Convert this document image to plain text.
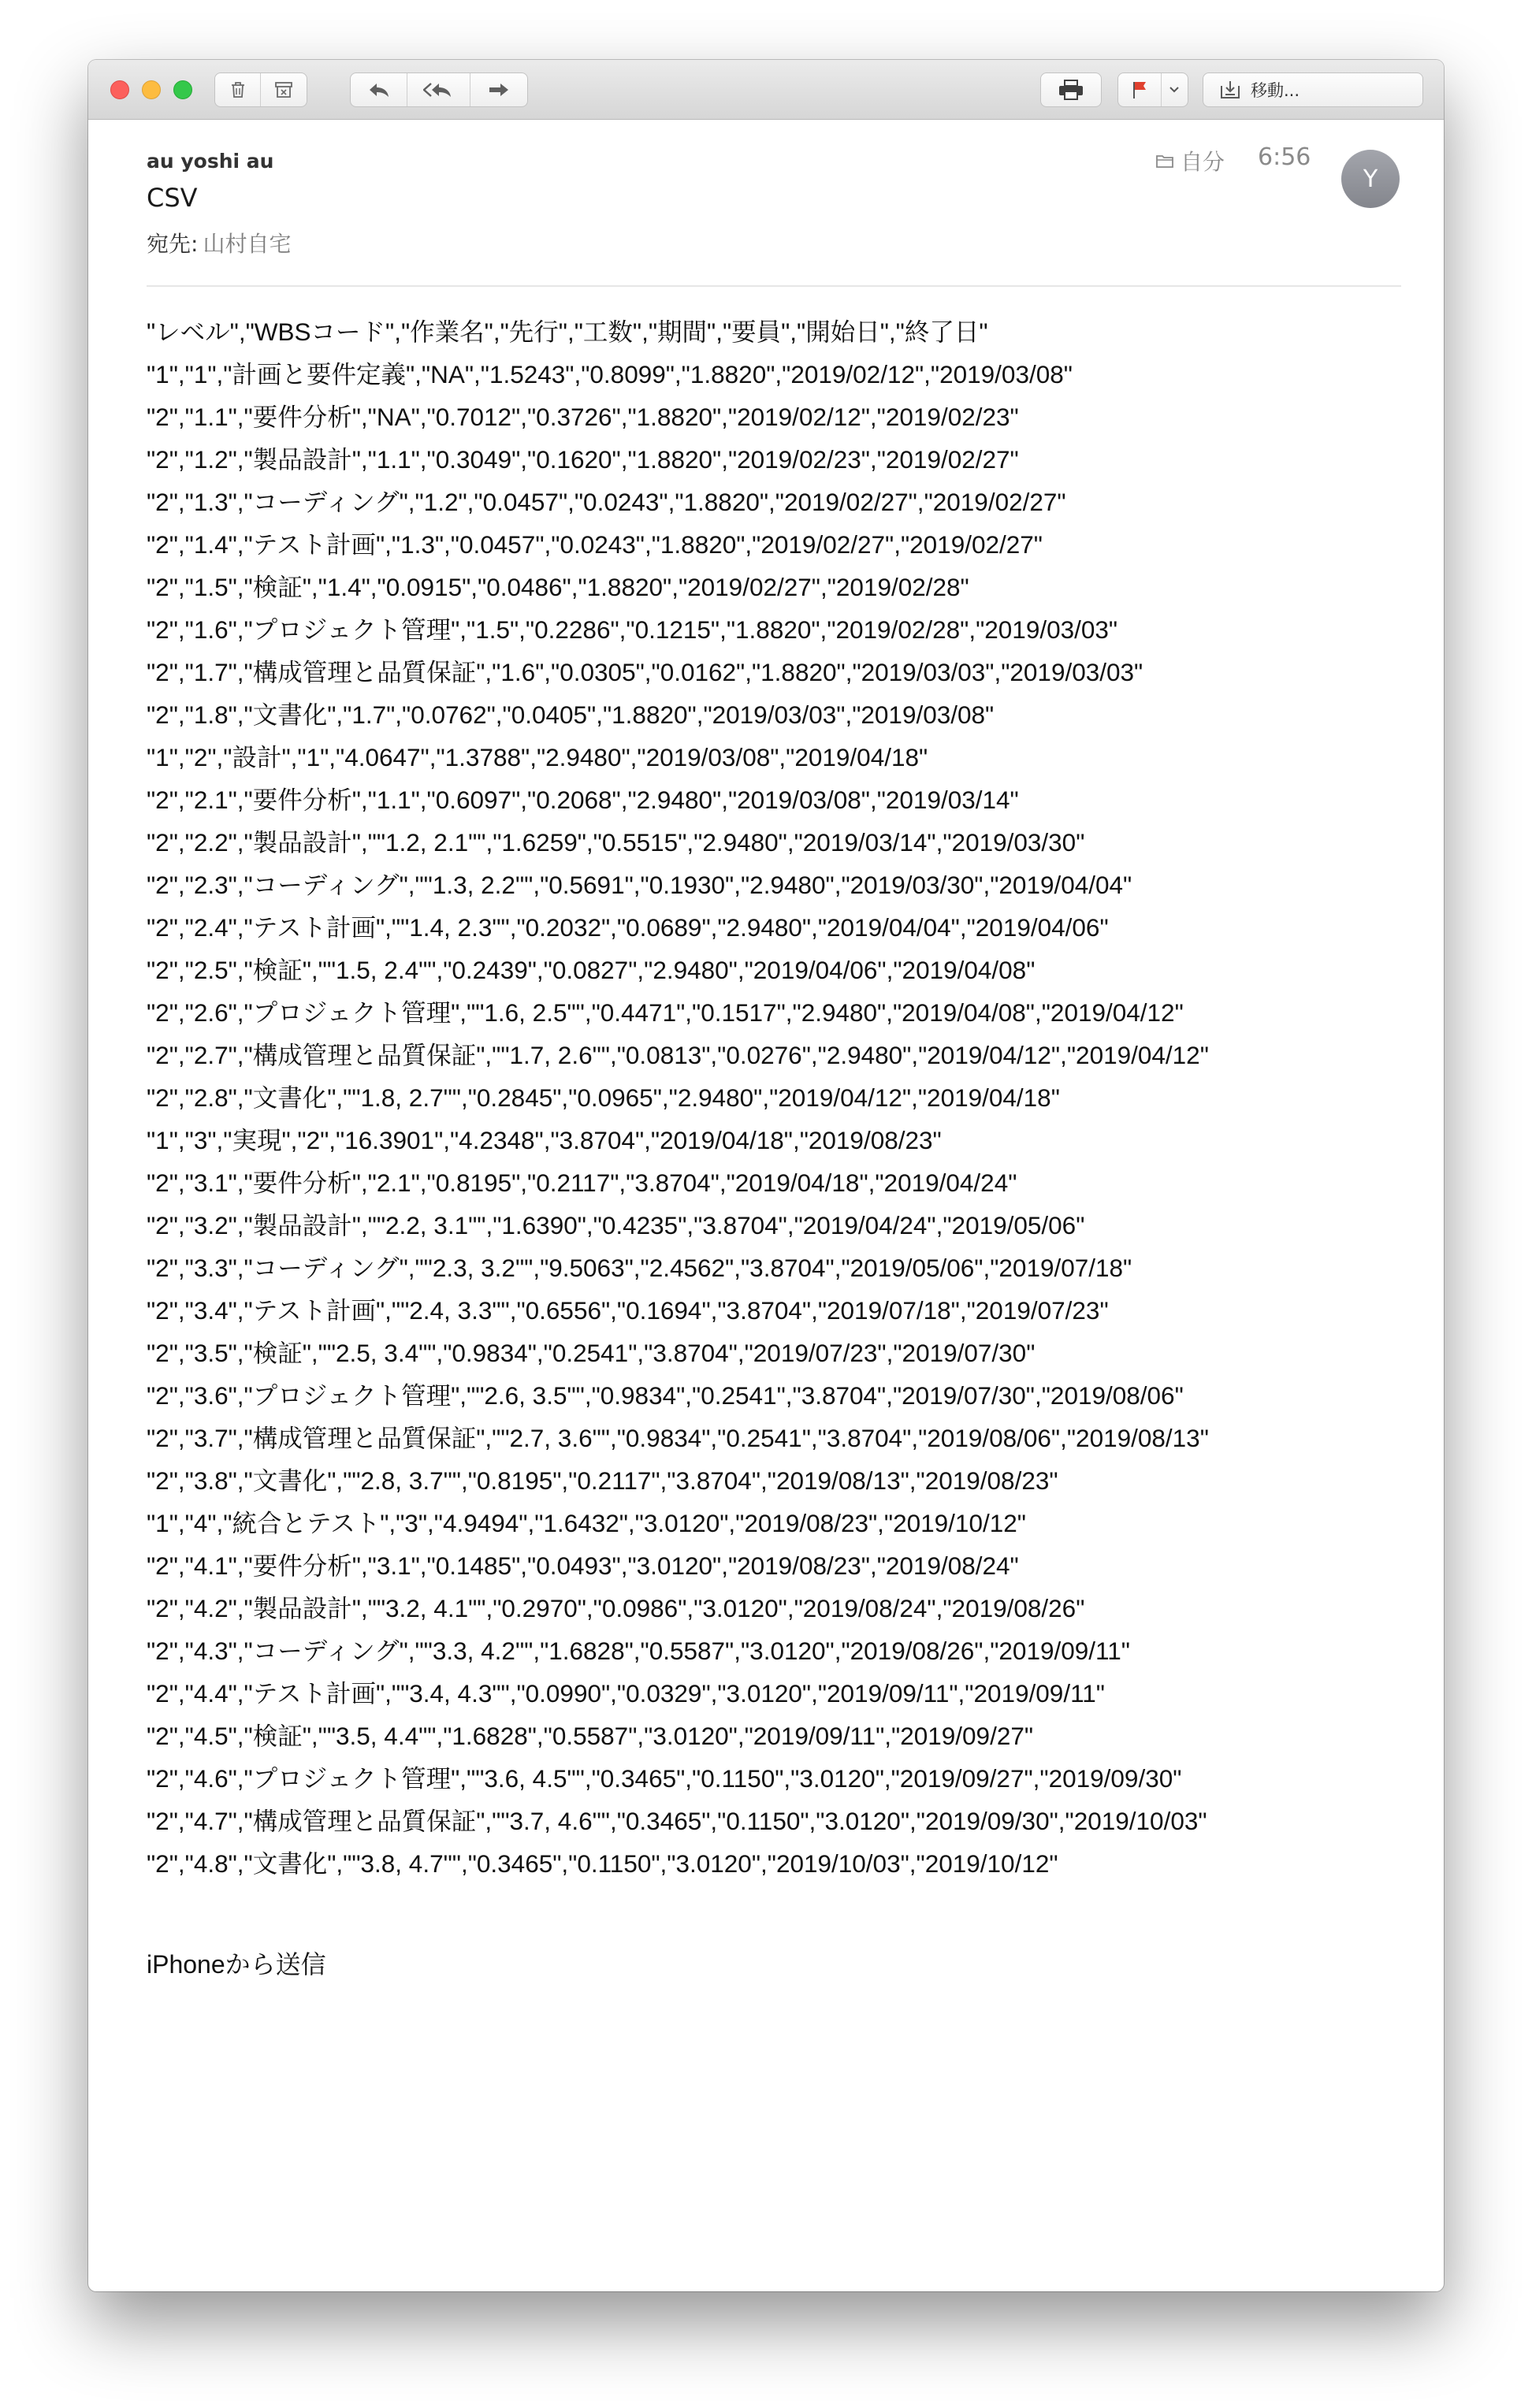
移動...
au yoshi au
CSV
宛先: 山村自宅
自分 6:56
Y
"レベル","WBSコード","作業名","先行","工数","期間","要員","開始日","終了日"
"1","1","計画と要件定義","NA","1.5243","0.8099","1.8820","2019/02/12","2019/03/08"
"2","1.1","要件分析","NA","0.7012","0.3726","1.8820","2019/02/12","2019/02/23"
"2","1.2","製品設計","1.1","0.3049","0.1620","1.8820","2019/02/23","2019/02/27"
"2","1.3","コーディング","1.2","0.0457","0.0243","1.8820","2019/02/27","2019/02/27"
"2","1.4","テスト計画","1.3","0.0457","0.0243","1.8820","2019/02/27","2019/02/27"
"2","1.5","検証","1.4","0.0915","0.0486","1.8820","2019/02/27","2019/02/28"
"2","1.6","プロジェクト管理","1.5","0.2286","0.1215","1.8820","2019/02/28","2019/03/03"
"2","1.7","構成管理と品質保証","1.6","0.0305","0.0162","1.8820","2019/03/03","2019/03/03"
"2","1.8","文書化","1.7","0.0762","0.0405","1.8820","2019/03/03","2019/03/08"
"1","2","設計","1","4.0647","1.3788","2.9480","2019/03/08","2019/04/18"
"2","2.1","要件分析","1.1","0.6097","0.2068","2.9480","2019/03/08","2019/03/14"
"2","2.2","製品設計",""1.2, 2.1"","1.6259","0.5515","2.9480","2019/03/14","2019/03/30"
"2","2.3","コーディング",""1.3, 2.2"","0.5691","0.1930","2.9480","2019/03/30","2019/04/04"
"2","2.4","テスト計画",""1.4, 2.3"","0.2032","0.0689","2.9480","2019/04/04","2019/04/06"
"2","2.5","検証",""1.5, 2.4"","0.2439","0.0827","2.9480","2019/04/06","2019/04/08"
"2","2.6","プロジェクト管理",""1.6, 2.5"","0.4471","0.1517","2.9480","2019/04/08","2019/04/12"
"2","2.7","構成管理と品質保証",""1.7, 2.6"","0.0813","0.0276","2.9480","2019/04/12","2019/04/12"
"2","2.8","文書化",""1.8, 2.7"","0.2845","0.0965","2.9480","2019/04/12","2019/04/18"
"1","3","実現","2","16.3901","4.2348","3.8704","2019/04/18","2019/08/23"
"2","3.1","要件分析","2.1","0.8195","0.2117","3.8704","2019/04/18","2019/04/24"
"2","3.2","製品設計",""2.2, 3.1"","1.6390","0.4235","3.8704","2019/04/24","2019/05/06"
"2","3.3","コーディング",""2.3, 3.2"","9.5063","2.4562","3.8704","2019/05/06","2019/07/18"
"2","3.4","テスト計画",""2.4, 3.3"","0.6556","0.1694","3.8704","2019/07/18","2019/07/23"
"2","3.5","検証",""2.5, 3.4"","0.9834","0.2541","3.8704","2019/07/23","2019/07/30"
"2","3.6","プロジェクト管理",""2.6, 3.5"","0.9834","0.2541","3.8704","2019/07/30","2019/08/06"
"2","3.7","構成管理と品質保証",""2.7, 3.6"","0.9834","0.2541","3.8704","2019/08/06","2019/08/13"
"2","3.8","文書化",""2.8, 3.7"","0.8195","0.2117","3.8704","2019/08/13","2019/08/23"
"1","4","統合とテスト","3","4.9494","1.6432","3.0120","2019/08/23","2019/10/12"
"2","4.1","要件分析","3.1","0.1485","0.0493","3.0120","2019/08/23","2019/08/24"
"2","4.2","製品設計",""3.2, 4.1"","0.2970","0.0986","3.0120","2019/08/24","2019/08/26"
"2","4.3","コーディング",""3.3, 4.2"","1.6828","0.5587","3.0120","2019/08/26","2019/09/11"
"2","4.4","テスト計画",""3.4, 4.3"","0.0990","0.0329","3.0120","2019/09/11","2019/09/11"
"2","4.5","検証",""3.5, 4.4"","1.6828","0.5587","3.0120","2019/09/11","2019/09/27"
"2","4.6","プロジェクト管理",""3.6, 4.5"","0.3465","0.1150","3.0120","2019/09/27","2019/09/30"
"2","4.7","構成管理と品質保証",""3.7, 4.6"","0.3465","0.1150","3.0120","2019/09/30","2019/10/03"
"2","4.8","文書化",""3.8, 4.7"","0.3465","0.1150","3.0120","2019/10/03","2019/10/12"
iPhoneから送信
